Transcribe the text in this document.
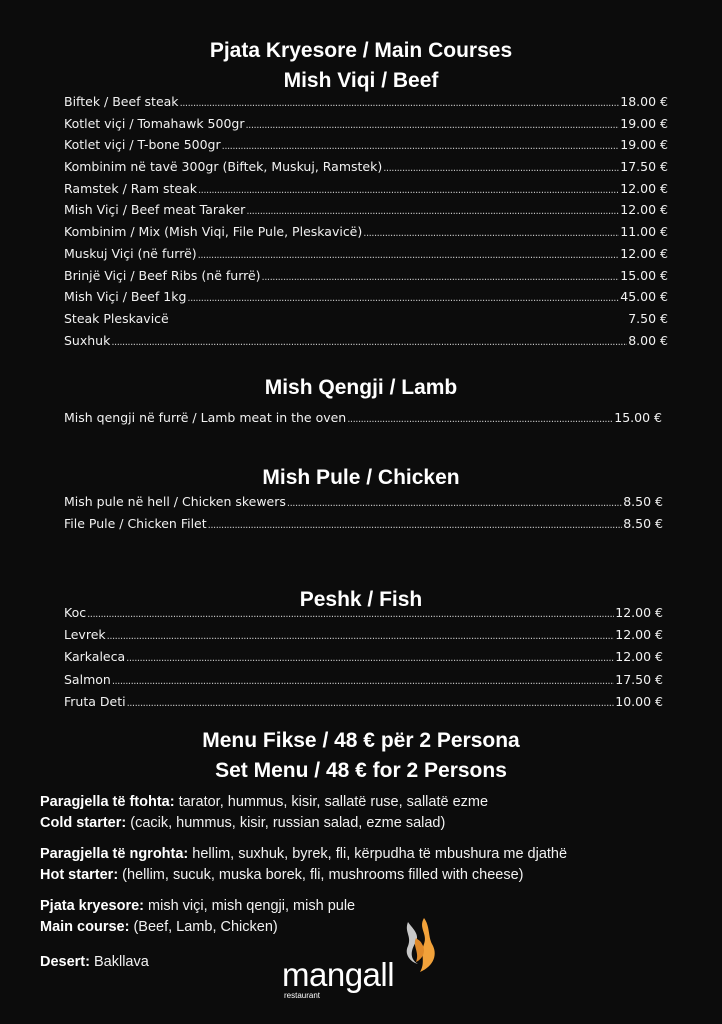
Pjata Kryesore / Main Courses
Mish Viqi / Beef
Biftek / Beef steak .....	18.00 €
Kotlet viçi / Tomahawk 500gr .....	19.00 €
Kotlet viçi / T-bone 500gr .....	19.00 €
Kombinim në tavë 300gr (Biftek, Muskuj, Ramstek) .....	17.50 €
Ramstek / Ram steak .....	12.00 €
Mish Viçi / Beef meat Taraker .....	12.00 €
Kombinim / Mix (Mish Viqi, File Pule, Pleskavicë) .....	11.00 €
Muskuj Viçi (në furrë) .....	12.00 €
Brinjë Viçi / Beef Ribs (në furrë) .....	15.00 €
Mish Viçi / Beef 1kg .....	45.00 €
Steak Pleskavicë	7.50 €
Suxhuk .....	8.00 €
Mish Qengji / Lamb
Mish qengji në furrë / Lamb meat in the oven .....	15.00 €
Mish Pule / Chicken
Mish pule në hell / Chicken skewers .....	8.50 €
File Pule / Chicken Filet .....	8.50 €
Peshk / Fish
Koc .....	12.00 €
Levrek .....	12.00 €
Karkaleca .....	12.00 €
Salmon .....	17.50 €
Fruta Deti .....	10.00 €
Menu Fikse / 48 € për 2 Persona
Set Menu / 48 € for 2 Persons
Paragjella të ftohta: tarator, hummus, kisir, sallatë ruse, sallatë ezme
Cold starter: (cacik, hummus, kisir, russian salad, ezme salad)
Paragjella të ngrohta: hellim, suxhuk, byrek, fli, kërpudha të mbushura me djathë
Hot starter: (hellim, sucuk, muska borek, fli, mushrooms filled with cheese)
Pjata kryesore: mish viçi, mish qengji, mish pule
Main course: (Beef, Lamb, Chicken)
Desert: Bakllava	mangall
restaurant
